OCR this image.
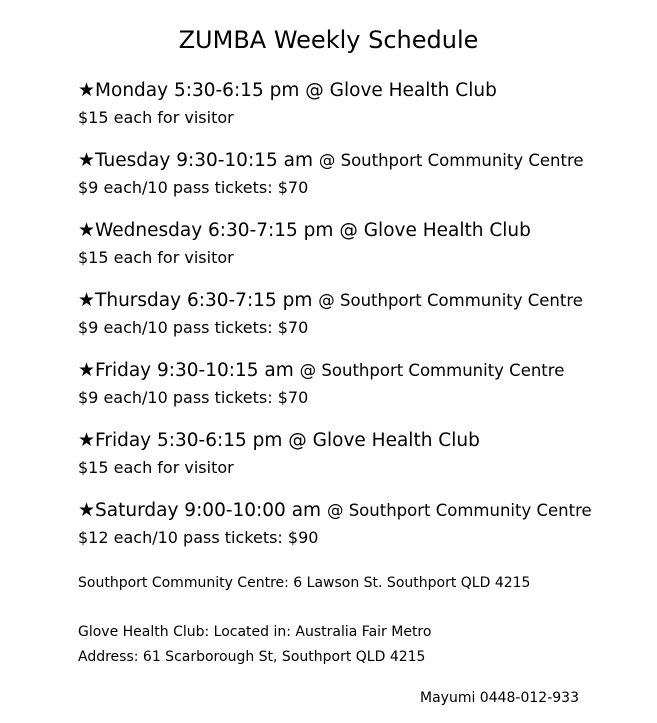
ZUMBA Weekly Schedule
★Monday 5:30-6:15 pm @ Glove Health Club
$15 each for visitor
★Tuesday 9:30-10:15 am @ Southport Community Centre
$9 each/10 pass tickets: $70
★Wednesday 6:30-7:15 pm @ Glove Health Club
$15 each for visitor
★Thursday 6:30-7:15 pm @ Southport Community Centre
$9 each/10 pass tickets: $70
★Friday 9:30-10:15 am @ Southport Community Centre
$9 each/10 pass tickets: $70
★Friday 5:30-6:15 pm @ Glove Health Club
$15 each for visitor
★Saturday 9:00-10:00 am @ Southport Community Centre
$12 each/10 pass tickets: $90
Southport Community Centre: 6 Lawson St. Southport QLD 4215
Glove Health Club: Located in: Australia Fair Metro
Address: 61 Scarborough St, Southport QLD 4215
Mayumi 0448-012-933
